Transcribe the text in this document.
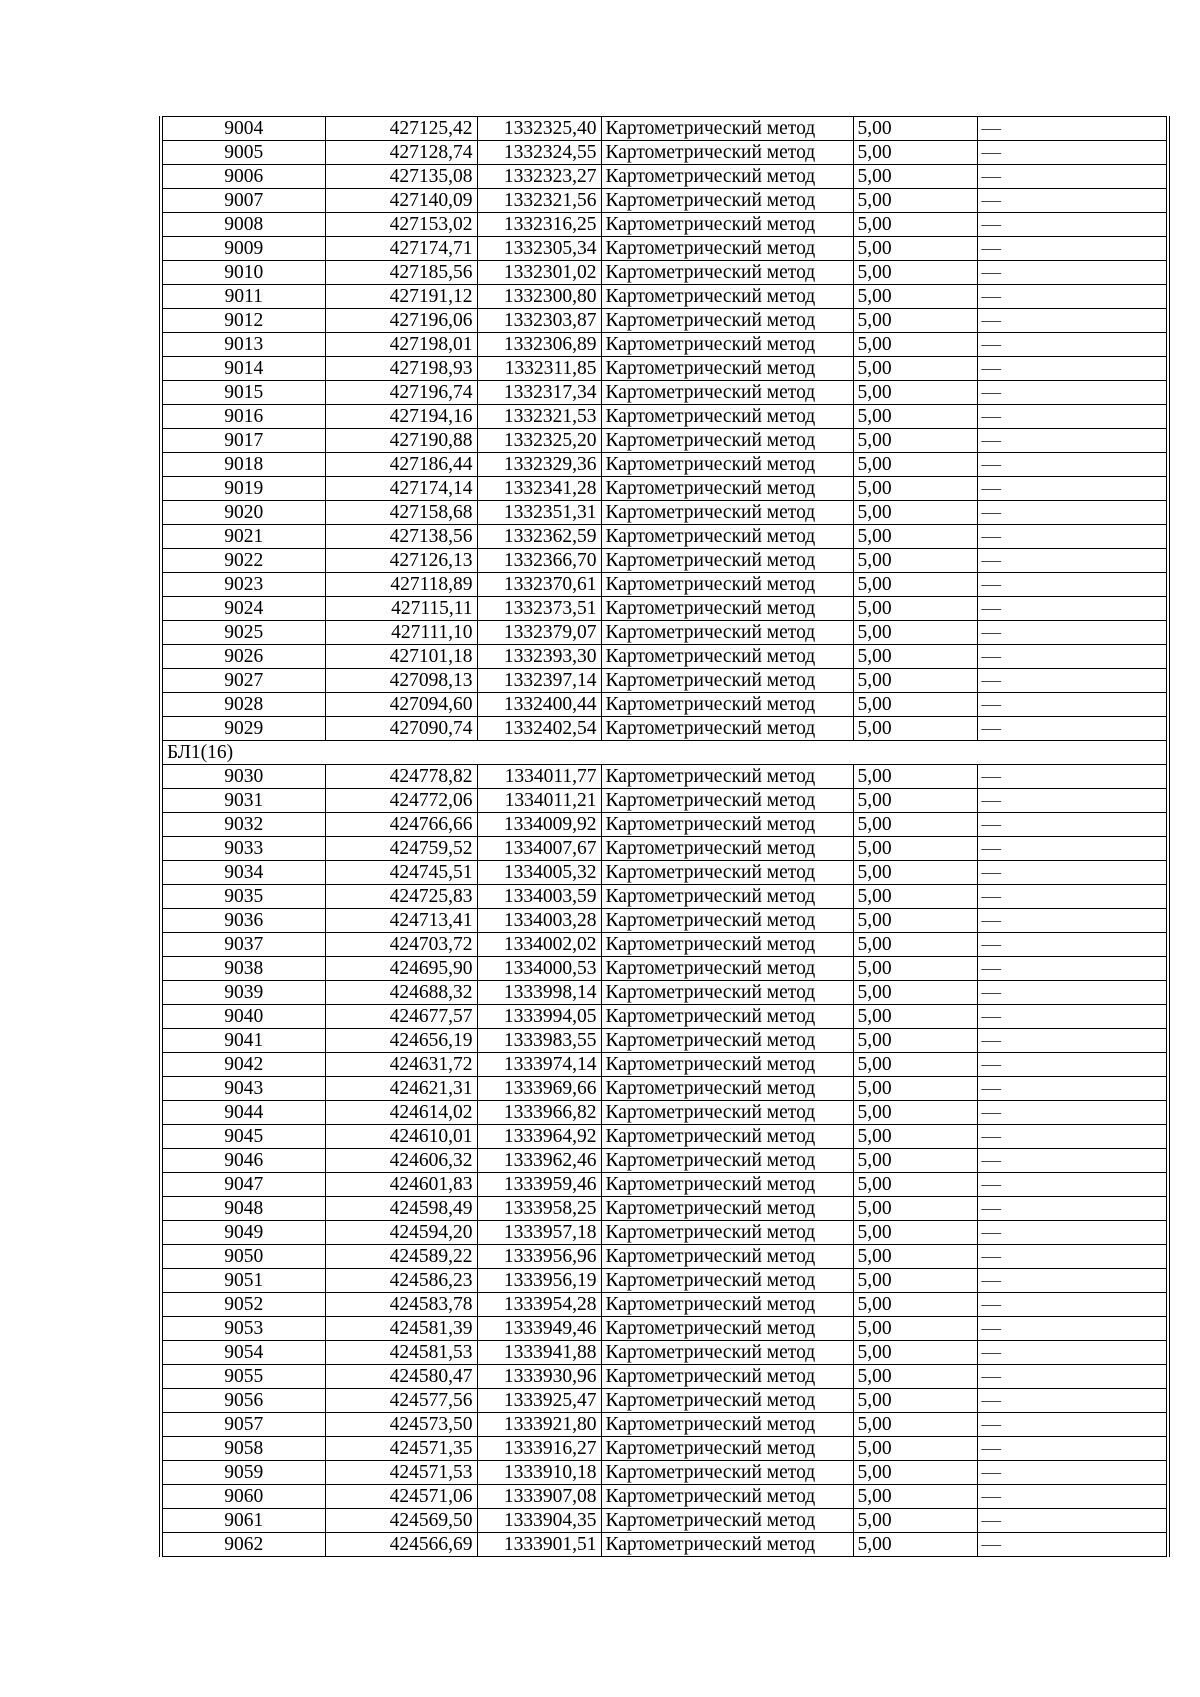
9004	427125,42	1332325,40	Картометрический метод	5,00	—
9005	427128,74	1332324,55	Картометрический метод	5,00	—
9006	427135,08	1332323,27	Картометрический метод	5,00	—
9007	427140,09	1332321,56	Картометрический метод	5,00	—
9008	427153,02	1332316,25	Картометрический метод	5,00	—
9009	427174,71	1332305,34	Картометрический метод	5,00	—
9010	427185,56	1332301,02	Картометрический метод	5,00	—
9011	427191,12	1332300,80	Картометрический метод	5,00	—
9012	427196,06	1332303,87	Картометрический метод	5,00	—
9013	427198,01	1332306,89	Картометрический метод	5,00	—
9014	427198,93	1332311,85	Картометрический метод	5,00	—
9015	427196,74	1332317,34	Картометрический метод	5,00	—
9016	427194,16	1332321,53	Картометрический метод	5,00	—
9017	427190,88	1332325,20	Картометрический метод	5,00	—
9018	427186,44	1332329,36	Картометрический метод	5,00	—
9019	427174,14	1332341,28	Картометрический метод	5,00	—
9020	427158,68	1332351,31	Картометрический метод	5,00	—
9021	427138,56	1332362,59	Картометрический метод	5,00	—
9022	427126,13	1332366,70	Картометрический метод	5,00	—
9023	427118,89	1332370,61	Картометрический метод	5,00	—
9024	427115,11	1332373,51	Картометрический метод	5,00	—
9025	427111,10	1332379,07	Картометрический метод	5,00	—
9026	427101,18	1332393,30	Картометрический метод	5,00	—
9027	427098,13	1332397,14	Картометрический метод	5,00	—
9028	427094,60	1332400,44	Картометрический метод	5,00	—
9029	427090,74	1332402,54	Картометрический метод	5,00	—
БЛ1(16)					
9030	424778,82	1334011,77	Картометрический метод	5,00	—
9031	424772,06	1334011,21	Картометрический метод	5,00	—
9032	424766,66	1334009,92	Картометрический метод	5,00	—
9033	424759,52	1334007,67	Картометрический метод	5,00	—
9034	424745,51	1334005,32	Картометрический метод	5,00	—
9035	424725,83	1334003,59	Картометрический метод	5,00	—
9036	424713,41	1334003,28	Картометрический метод	5,00	—
9037	424703,72	1334002,02	Картометрический метод	5,00	—
9038	424695,90	1334000,53	Картометрический метод	5,00	—
9039	424688,32	1333998,14	Картометрический метод	5,00	—
9040	424677,57	1333994,05	Картометрический метод	5,00	—
9041	424656,19	1333983,55	Картометрический метод	5,00	—
9042	424631,72	1333974,14	Картометрический метод	5,00	—
9043	424621,31	1333969,66	Картометрический метод	5,00	—
9044	424614,02	1333966,82	Картометрический метод	5,00	—
9045	424610,01	1333964,92	Картометрический метод	5,00	—
9046	424606,32	1333962,46	Картометрический метод	5,00	—
9047	424601,83	1333959,46	Картометрический метод	5,00	—
9048	424598,49	1333958,25	Картометрический метод	5,00	—
9049	424594,20	1333957,18	Картометрический метод	5,00	—
9050	424589,22	1333956,96	Картометрический метод	5,00	—
9051	424586,23	1333956,19	Картометрический метод	5,00	—
9052	424583,78	1333954,28	Картометрический метод	5,00	—
9053	424581,39	1333949,46	Картометрический метод	5,00	—
9054	424581,53	1333941,88	Картометрический метод	5,00	—
9055	424580,47	1333930,96	Картометрический метод	5,00	—
9056	424577,56	1333925,47	Картометрический метод	5,00	—
9057	424573,50	1333921,80	Картометрический метод	5,00	—
9058	424571,35	1333916,27	Картометрический метод	5,00	—
9059	424571,53	1333910,18	Картометрический метод	5,00	—
9060	424571,06	1333907,08	Картометрический метод	5,00	—
9061	424569,50	1333904,35	Картометрический метод	5,00	—
9062	424566,69	1333901,51	Картометрический метод	5,00	—
